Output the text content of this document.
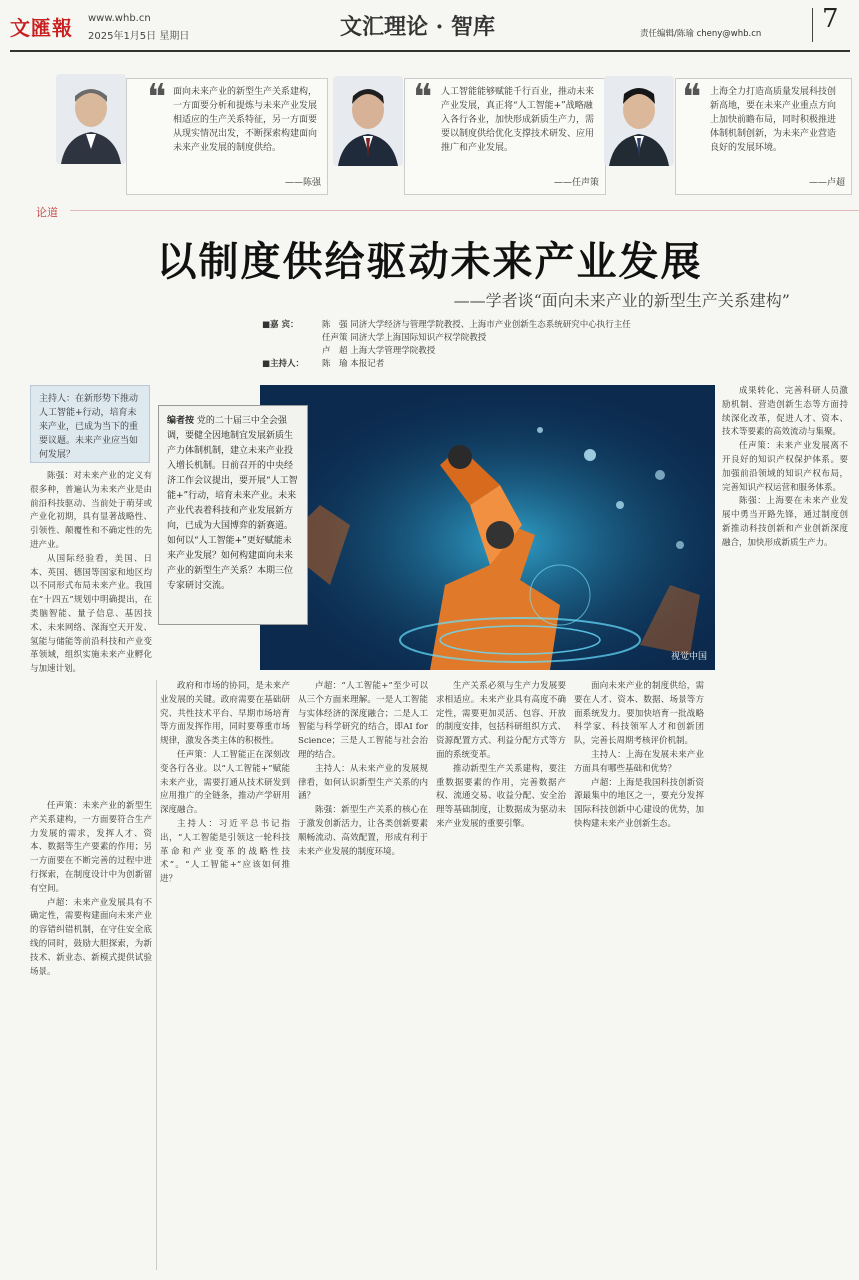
文匯報 www.whb.cn
2025年1月5日 星期日	文汇理论 · 智库	责任编辑/陈瑜 cheny@whb.cn 7
❝ 面向未来产业的新型生产关系建构，一方面要分析和提炼与未来产业发展相适应的生产关系特征，另一方面要从现实情况出发，不断探索构建面向未来产业发展的制度供给。
——陈强
❝ 人工智能能够赋能千行百业，推动未来产业发展，真正将“人工智能+”战略融入各行各业，加快形成新质生产力，需要以制度供给优化支撑技术研发、应用推广和产业发展。
——任声策
❝ 上海全力打造高质量发展科技创新高地，要在未来产业重点方向上加快前瞻布局，同时积极推进体制机制创新，为未来产业营造良好的发展环境。
——卢超
论道
以制度供给驱动未来产业发展
——学者谈“面向未来产业的新型生产关系建构”
■嘉 宾：	陈　强 同济大学经济与管理学院教授、上海市产业创新生态系统研究中心执行主任
任声策 同济大学上海国际知识产权学院教授
卢　超 上海大学管理学院教授
■主持人： 陈　瑜 本报记者
主持人：在新形势下推动人工智能+行动，培育未来产业，已成为当下的重要议题。未来产业应当如何发展？
视觉中国
编者按 党的二十届三中全会强调，要健全因地制宜发展新质生产力体制机制，建立未来产业投入增长机制。日前召开的中央经济工作会议提出，要开展“人工智能+”行动，培育未来产业。未来产业代表着科技和产业发展新方向，已成为大国博弈的新赛道。如何以“人工智能+”更好赋能未来产业发展？如何构建面向未来产业的新型生产关系？本期三位专家研讨交流。

陈强：对未来产业的定义有很多种，普遍认为未来产业是由前沿科技驱动、当前处于萌芽或产业化初期，具有显著战略性、引领性、颠覆性和不确定性的先进产业。

从国际经验看，美国、日本、英国、德国等国家和地区均以不同形式布局未来产业。我国在“十四五”规划中明确提出，在类脑智能、量子信息、基因技术、未来网络、深海空天开发、氢能与储能等前沿科技和产业变革领域，组织实施未来产业孵化与加速计划。

任声策：未来产业的新型生产关系建构，一方面要符合生产力发展的需求，发挥人才、资本、数据等生产要素的作用；另一方面要在不断完善的过程中进行探索，在制度设计中为创新留有空间。

卢超：未来产业发展具有不确定性，需要构建面向未来产业的容错纠错机制，在守住安全底线的同时，鼓励大胆探索，为新技术、新业态、新模式提供试验场景。

政府和市场的协同，是未来产业发展的关键。政府需要在基础研究、共性技术平台、早期市场培育等方面发挥作用，同时要尊重市场规律，激发各类主体的积极性。

任声策：人工智能正在深刻改变各行各业。以“人工智能+”赋能未来产业，需要打通从技术研发到应用推广的全链条，推动产学研用深度融合。

主持人：习近平总书记指出，“人工智能是引领这一轮科技革命和产业变革的战略性技术”。“人工智能+”应该如何推进？

卢超：“人工智能+”至少可以从三个方面来理解。一是人工智能与实体经济的深度融合；二是人工智能与科学研究的结合，即AI for Science；三是人工智能与社会治理的结合。

主持人：从未来产业的发展规律看，如何认识新型生产关系的内涵？

陈强：新型生产关系的核心在于激发创新活力，让各类创新要素顺畅流动、高效配置，形成有利于未来产业发展的制度环境。

生产关系必须与生产力发展要求相适应。未来产业具有高度不确定性，需要更加灵活、包容、开放的制度安排，包括科研组织方式、资源配置方式、利益分配方式等方面的系统变革。

推动新型生产关系建构，要注重数据要素的作用，完善数据产权、流通交易、收益分配、安全治理等基础制度，让数据成为驱动未来产业发展的重要引擎。

面向未来产业的制度供给，需要在人才、资本、数据、场景等方面系统发力。要加快培育一批战略科学家、科技领军人才和创新团队，完善长周期考核评价机制。

主持人：上海在发展未来产业方面具有哪些基础和优势？

卢超：上海是我国科技创新资源最集中的地区之一，要充分发挥国际科技创新中心建设的优势，加快构建未来产业创新生态。

成果转化、完善科研人员激励机制、营造创新生态等方面持续深化改革，促进人才、资本、技术等要素的高效流动与集聚。

任声策：未来产业发展离不开良好的知识产权保护体系。要加强前沿领域的知识产权布局，完善知识产权运营和服务体系。

陈强：上海要在未来产业发展中勇当开路先锋，通过制度创新推动科技创新和产业创新深度融合，加快形成新质生产力。
